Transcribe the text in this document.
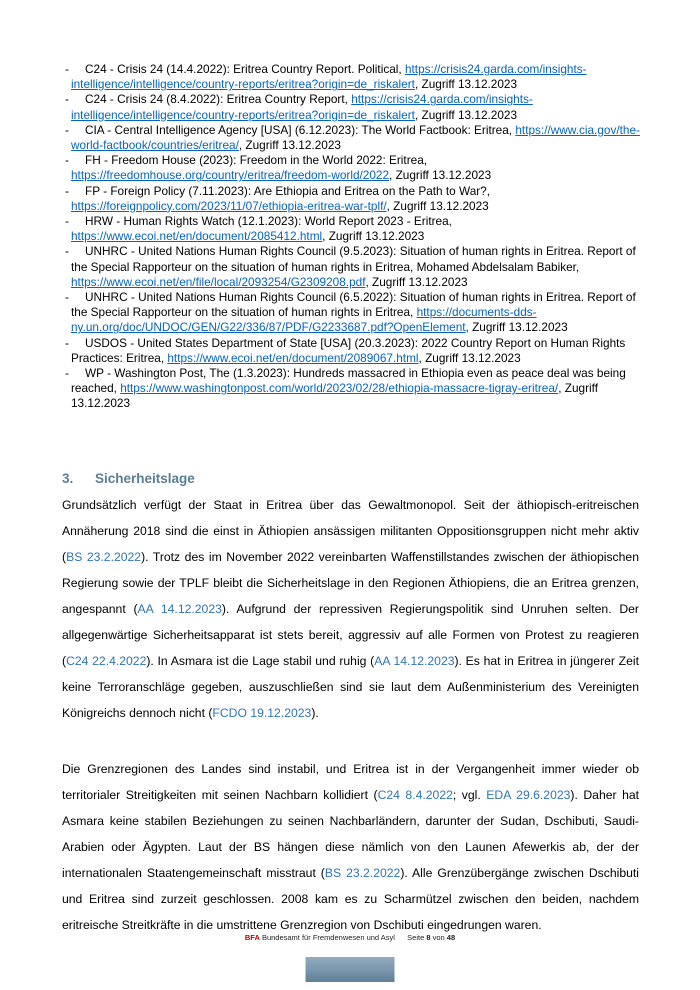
- C24 - Crisis 24 (14.4.2022): Eritrea Country Report. Political, https://crisis24.garda.com/insights-intelligence/intelligence/country-reports/eritrea?origin=de_riskalert, Zugriff 13.12.2023
- C24 - Crisis 24 (8.4.2022): Eritrea Country Report, https://crisis24.garda.com/insights-intelligence/intelligence/country-reports/eritrea?origin=de_riskalert, Zugriff 13.12.2023
- CIA - Central Intelligence Agency [USA] (6.12.2023): The World Factbook: Eritrea, https://www.cia.gov/the-world-factbook/countries/eritrea/, Zugriff 13.12.2023
- FH - Freedom House (2023): Freedom in the World 2022: Eritrea, https://freedomhouse.org/country/eritrea/freedom-world/2022, Zugriff 13.12.2023
- FP - Foreign Policy (7.11.2023): Are Ethiopia and Eritrea on the Path to War?, https://foreignpolicy.com/2023/11/07/ethiopia-eritrea-war-tplf/, Zugriff 13.12.2023
- HRW - Human Rights Watch (12.1.2023): World Report 2023 - Eritrea, https://www.ecoi.net/en/document/2085412.html, Zugriff 13.12.2023
- UNHRC - United Nations Human Rights Council (9.5.2023): Situation of human rights in Eritrea. Report of the Special Rapporteur on the situation of human rights in Eritrea, Mohamed Abdelsalam Babiker, https://www.ecoi.net/en/file/local/2093254/G2309208.pdf, Zugriff 13.12.2023
- UNHRC - United Nations Human Rights Council (6.5.2022): Situation of human rights in Eritrea. Report of the Special Rapporteur on the situation of human rights in Eritrea, https://documents-dds-ny.un.org/doc/UNDOC/GEN/G22/336/87/PDF/G2233687.pdf?OpenElement, Zugriff 13.12.2023
- USDOS - United States Department of State [USA] (20.3.2023): 2022 Country Report on Human Rights Practices: Eritrea, https://www.ecoi.net/en/document/2089067.html, Zugriff 13.12.2023
- WP - Washington Post, The (1.3.2023): Hundreds massacred in Ethiopia even as peace deal was being reached, https://www.washingtonpost.com/world/2023/02/28/ethiopia-massacre-tigray-eritrea/, Zugriff 13.12.2023
3. Sicherheitslage

Grundsätzlich verfügt der Staat in Eritrea über das Gewaltmonopol. Seit der äthiopisch-eritreischen Annäherung 2018 sind die einst in Äthiopien ansässigen militanten Oppositionsgruppen nicht mehr aktiv (BS 23.2.2022). Trotz des im November 2022 vereinbarten Waffenstillstandes zwischen der äthiopischen Regierung sowie der TPLF bleibt die Sicherheitslage in den Regionen Äthiopiens, die an Eritrea grenzen, angespannt (AA 14.12.2023). Aufgrund der repressiven Regierungspolitik sind Unruhen selten. Der allgegenwärtige Sicherheitsapparat ist stets bereit, aggressiv auf alle Formen von Protest zu reagieren (C24 22.4.2022). In Asmara ist die Lage stabil und ruhig (AA 14.12.2023). Es hat in Eritrea in jüngerer Zeit keine Terroranschläge gegeben, auszuschließen sind sie laut dem Außenministerium des Vereinigten Königreichs dennoch nicht (FCDO 19.12.2023).

Die Grenzregionen des Landes sind instabil, und Eritrea ist in der Vergangenheit immer wieder ob territorialer Streitigkeiten mit seinen Nachbarn kollidiert (C24 8.4.2022; vgl. EDA 29.6.2023). Daher hat Asmara keine stabilen Beziehungen zu seinen Nachbarländern, darunter der Sudan, Dschibuti, Saudi-Arabien oder Ägypten. Laut der BS hängen diese nämlich von den Launen Afewerkis ab, der der internationalen Staatengemeinschaft misstraut (BS 23.2.2022). Alle Grenzübergänge zwischen Dschibuti und Eritrea sind zurzeit geschlossen. 2008 kam es zu Scharmützel zwischen den beiden, nachdem eritreische Streitkräfte in die umstrittene Grenzregion von Dschibuti eingedrungen waren.

BFA Bundesamt für Fremdenwesen und Asyl Seite 8 von 48
